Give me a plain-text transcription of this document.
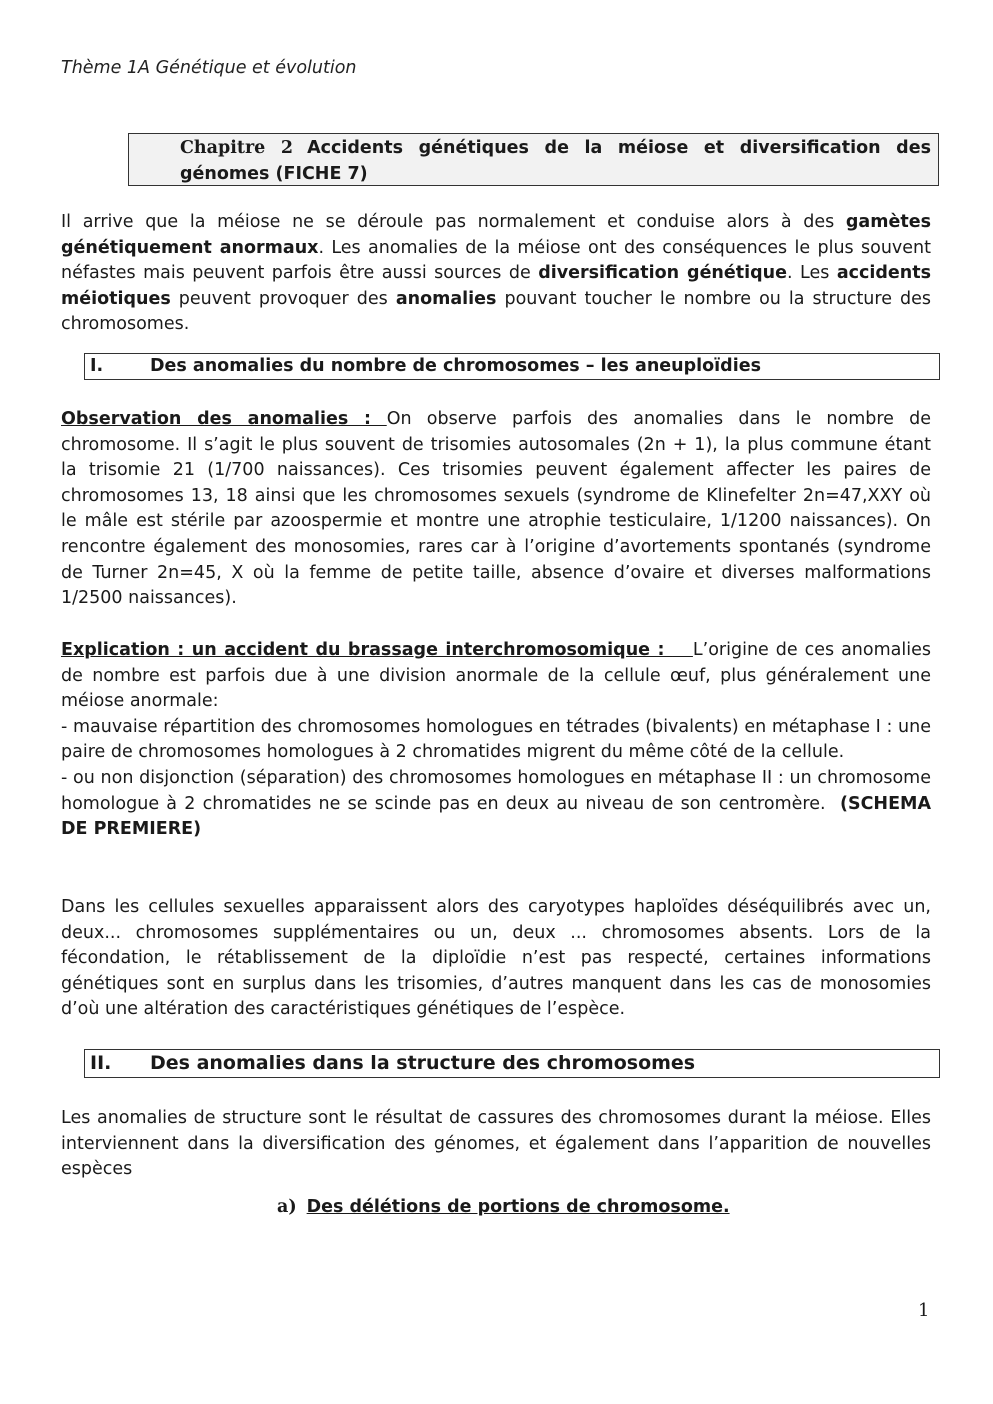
Thème 1A Génétique et évolution
Chapitre 2 Accidents génétiques de la méiose et diversification des génomes (FICHE 7)

Il arrive que la méiose ne se déroule pas normalement et conduise alors à des gamètes génétiquement anormaux. Les anomalies de la méiose ont des conséquences le plus souvent néfastes mais peuvent parfois être aussi sources de diversification génétique. Les accidents méiotiques peuvent provoquer des anomalies pouvant toucher le nombre ou la structure des chromosomes.

I.	Des anomalies du nombre de chromosomes – les aneuploïdies

Observation des anomalies : On observe parfois des anomalies dans le nombre de chromosome. Il s’agit le plus souvent de trisomies autosomales (2n + 1), la plus commune étant la trisomie 21 (1/700 naissances). Ces trisomies peuvent également affecter les paires de chromosomes 13, 18 ainsi que les chromosomes sexuels (syndrome de Klinefelter 2n=47,XXY où le mâle est stérile par azoospermie et montre une atrophie testiculaire, 1/1200 naissances). On rencontre également des monosomies, rares car à l’origine d’avortements spontanés (syndrome de Turner 2n=45, X où la femme de petite taille, absence d’ovaire et diverses malformations 1/2500 naissances).

Explication : un accident du brassage interchromosomique :    L’origine de ces anomalies de nombre est parfois due à une division anormale de la cellule œuf, plus généralement une méiose anormale:
- mauvaise répartition des chromosomes homologues en tétrades (bivalents) en métaphase I : une paire de chromosomes homologues à 2 chromatides migrent du même côté de la cellule.
- ou non disjonction (séparation) des chromosomes homologues en métaphase II : un chromosome homologue à 2 chromatides ne se scinde pas en deux au niveau de son centromère. (SCHEMA DE PREMIERE)

Dans les cellules sexuelles apparaissent alors des caryotypes haploïdes déséquilibrés avec un, deux... chromosomes supplémentaires ou un, deux ... chromosomes absents. Lors de la fécondation, le rétablissement de la diploïdie n’est pas respecté, certaines informations génétiques sont en surplus dans les trisomies, d’autres manquent dans les cas de monosomies d’où une altération des caractéristiques génétiques de l’espèce.

II. Des anomalies dans la structure des chromosomes

Les anomalies de structure sont le résultat de cassures des chromosomes durant la méiose. Elles interviennent dans la diversification des génomes, et également dans l’apparition de nouvelles espèces

a) Des délétions de portions de chromosome.
1
